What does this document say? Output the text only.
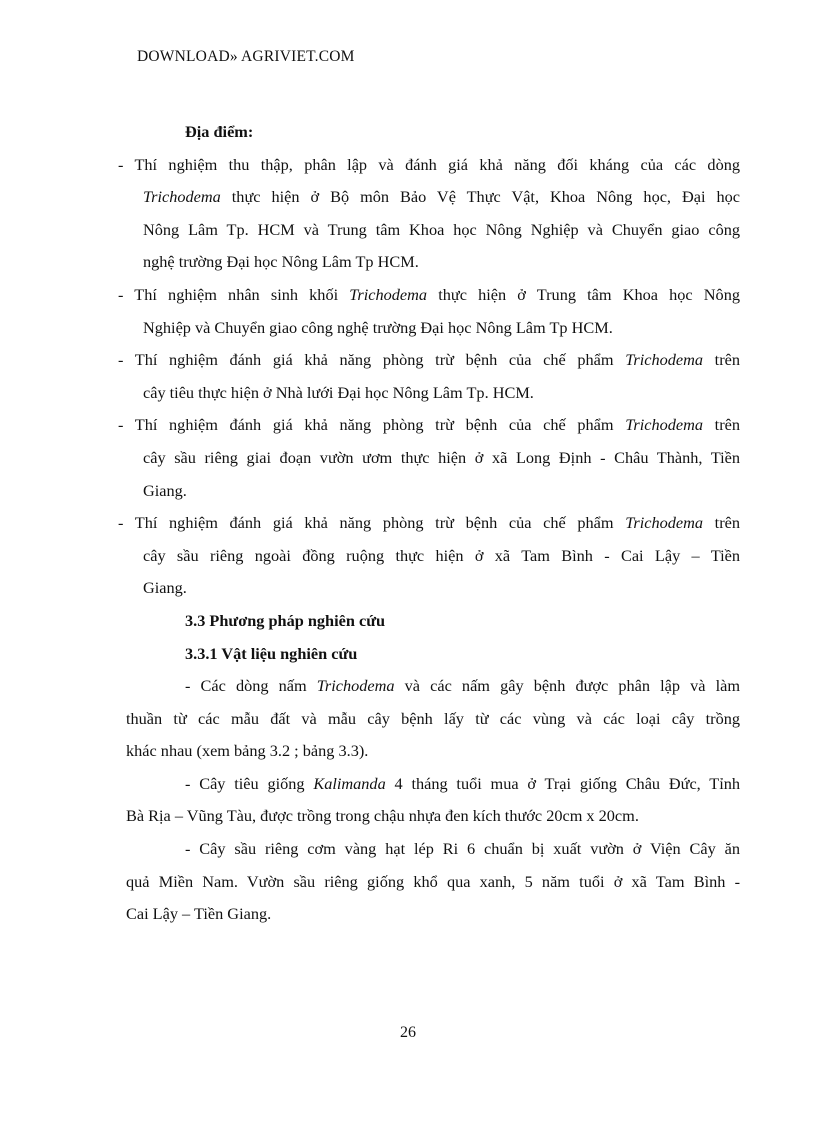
DOWNLOAD» AGRIVIET.COM
Địa điểm:
- Thí nghiệm thu thập, phân lập và đánh giá khả năng đối kháng của các dòng
Trichodema thực hiện ở Bộ môn Bảo Vệ Thực Vật, Khoa Nông học, Đại học
Nông Lâm Tp. HCM và Trung tâm Khoa học Nông Nghiệp và Chuyển giao công
nghệ trường Đại học Nông Lâm Tp HCM.
- Thí nghiệm nhân sinh khối Trichodema thực hiện ở Trung tâm Khoa học Nông
Nghiệp và Chuyển giao công nghệ trường Đại học Nông Lâm Tp HCM.
- Thí nghiệm đánh giá khả năng phòng trừ bệnh của chế phẩm Trichodema trên
cây tiêu thực hiện ở Nhà lưới Đại học Nông Lâm Tp. HCM.
- Thí nghiệm đánh giá khả năng phòng trừ bệnh của chế phẩm Trichodema trên
cây sầu riêng giai đoạn vườn ươm thực hiện ở xã Long Định - Châu Thành, Tiền
Giang.
- Thí nghiệm đánh giá khả năng phòng trừ bệnh của chế phẩm Trichodema trên
cây sầu riêng ngoài đồng ruộng thực hiện ở xã Tam Bình - Cai Lậy – Tiền
Giang.
3.3 Phương pháp nghiên cứu
3.3.1 Vật liệu nghiên cứu
- Các dòng nấm Trichodema và các nấm gây bệnh được phân lập và làm
thuần từ các mẫu đất và mẫu cây bệnh lấy từ các vùng và các loại cây trồng
khác nhau (xem bảng 3.2 ; bảng 3.3).
- Cây tiêu giống Kalimanda 4 tháng tuổi mua ở Trại giống Châu Đức, Tỉnh
Bà Rịa – Vũng Tàu, được trồng trong chậu nhựa đen kích thước 20cm x 20cm.
- Cây sầu riêng cơm vàng hạt lép Ri 6 chuẩn bị xuất vườn ở Viện Cây ăn
quả Miền Nam. Vườn sầu riêng giống khổ qua xanh, 5 năm tuổi ở xã Tam Bình -
Cai Lậy – Tiền Giang.
26
